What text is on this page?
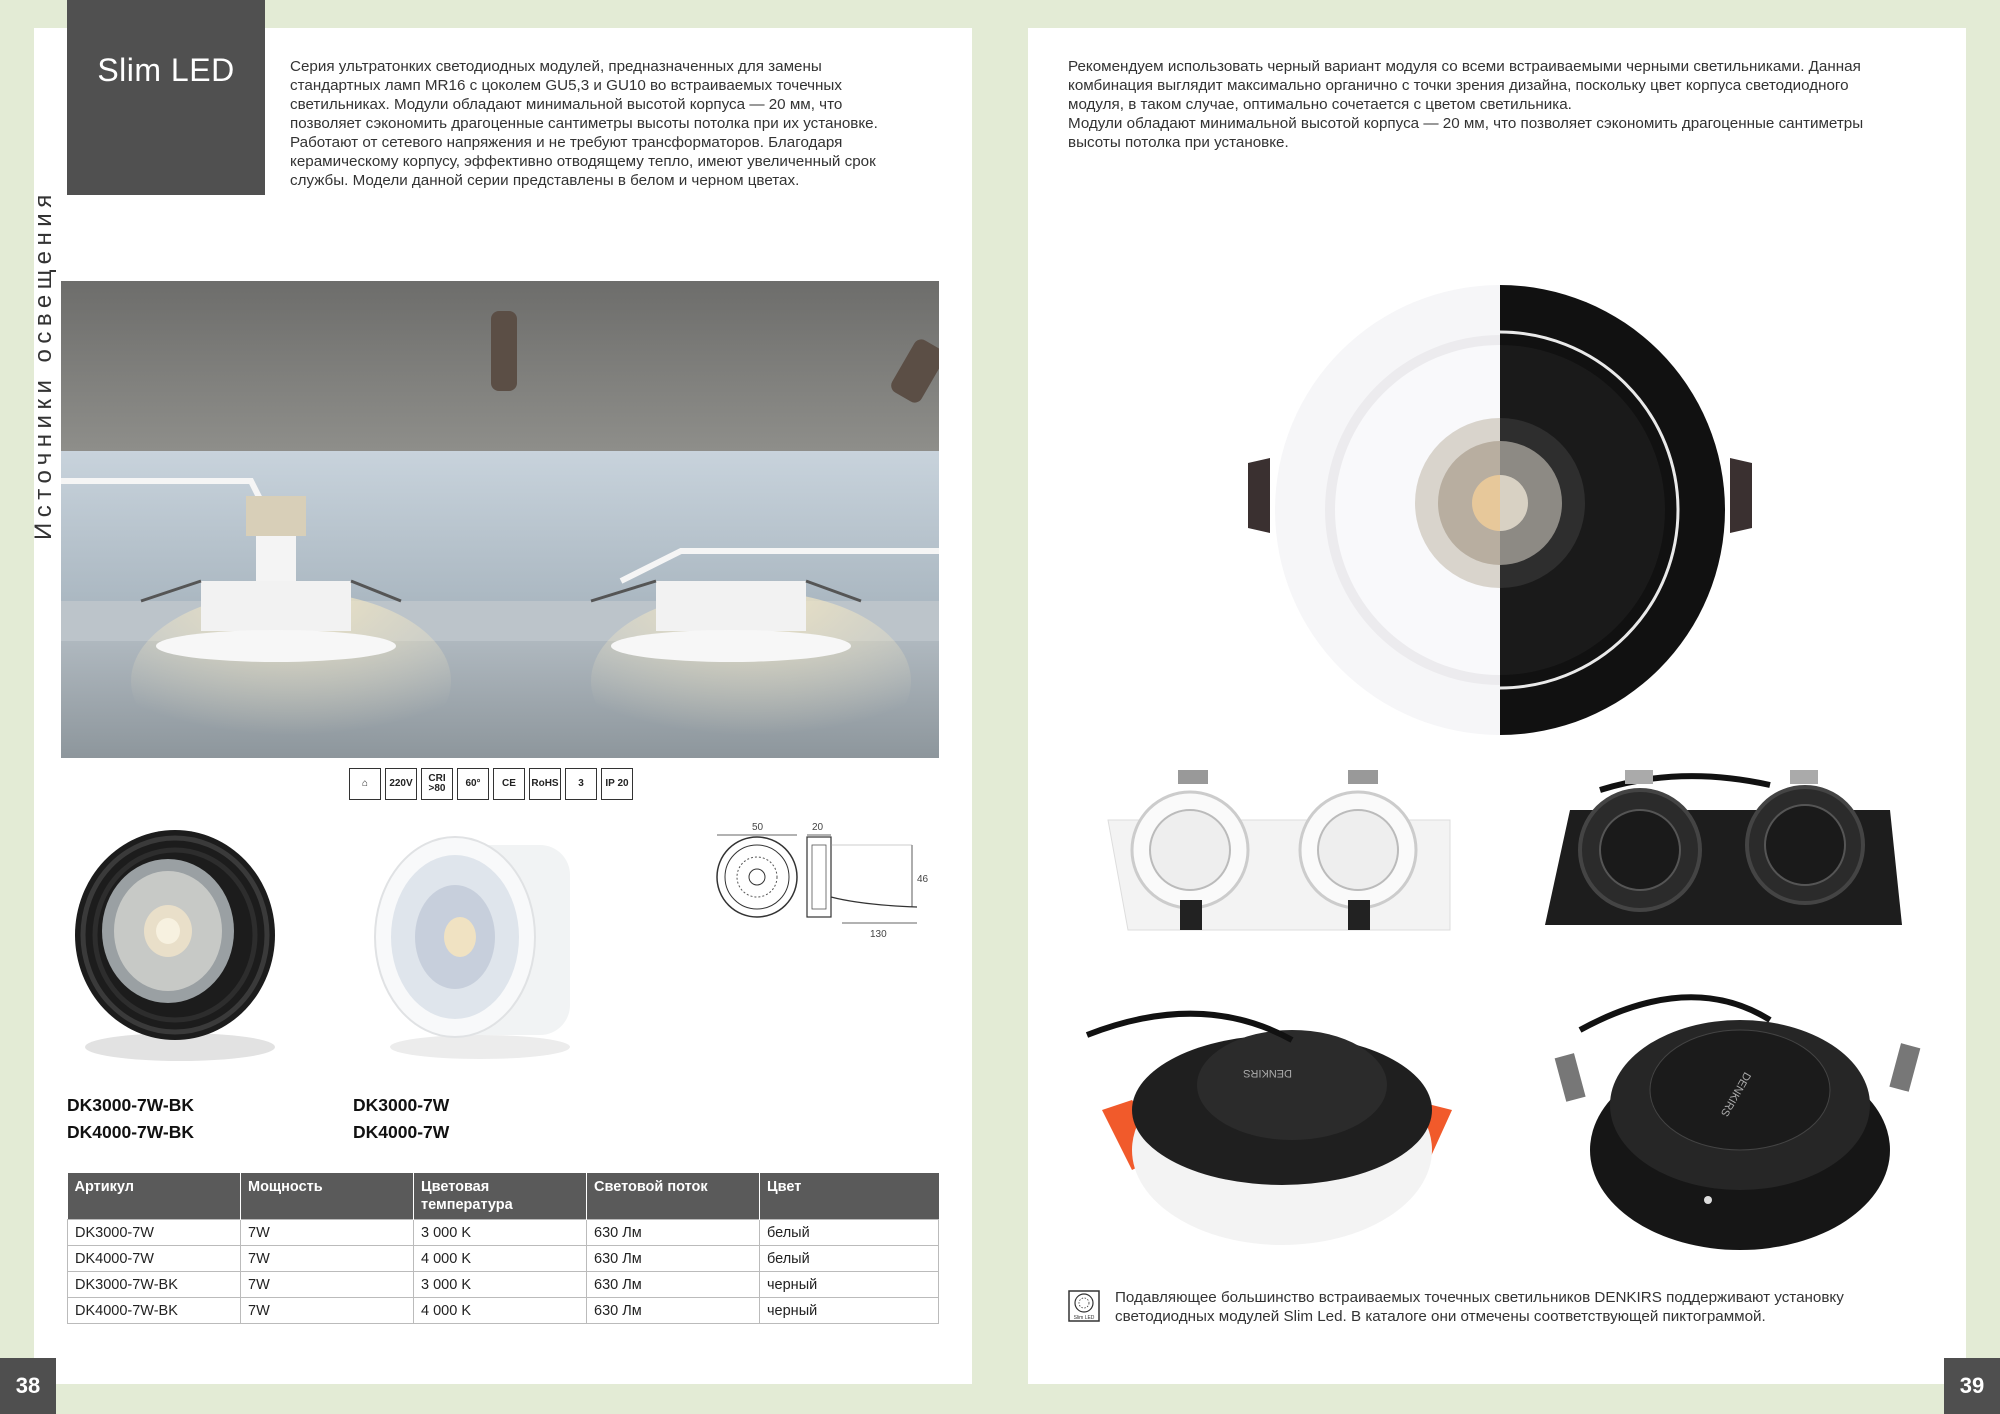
Slim LED
Источники освещения

Серия ультратонких светодиодных модулей, предназначенных для замены
стандартных ламп MR16 с цоколем GU5,3 и GU10 во встраиваемых точечных
светильниках. Модули обладают минимальной высотой корпуса — 20 мм, что
позволяет сэкономить драгоценные сантиметры высоты потолка при их установке.
Работают от сетевого напряжения и не требуют трансформаторов. Благодаря
керамическому корпусу, эффективно отводящему тепло, имеют увеличенный срок
службы. Модели данной серии представлены в белом и черном цветах.

⌂	220V	CRI >80	60°	CE	RoHS	3	IP 20
50	20
46
130

DK3000-7W-BK
DK4000-7W-BK

DK3000-7W
DK4000-7W

Артикул	Мощность	Цветовая температура	Световой поток	Цвет
DK3000-7W	7W	3 000 K	630 Лм	белый
DK4000-7W	7W	4 000 K	630 Лм	белый
DK3000-7W-BK	7W	3 000 K	630 Лм	черный
DK4000-7W-BK	7W	4 000 K	630 Лм	черный
38

Рекомендуем использовать черный вариант модуля со всеми встраиваемыми черными светильниками. Данная
комбинация выглядит максимально органично с точки зрения дизайна, поскольку цвет корпуса светодиодного
модуля, в таком случае, оптимально сочетается с цветом светильника.
Модули обладают минимальной высотой корпуса — 20 мм, что позволяет сэкономить драгоценные сантиметры
высоты потолка при установке.

DENKIRS	DENKIRS
Slim LED

Подавляющее большинство встраиваемых точечных светильников DENKIRS поддерживают установку
светодиодных модулей Slim Led. В каталоге они отмечены соответствующей пиктограммой.

39
